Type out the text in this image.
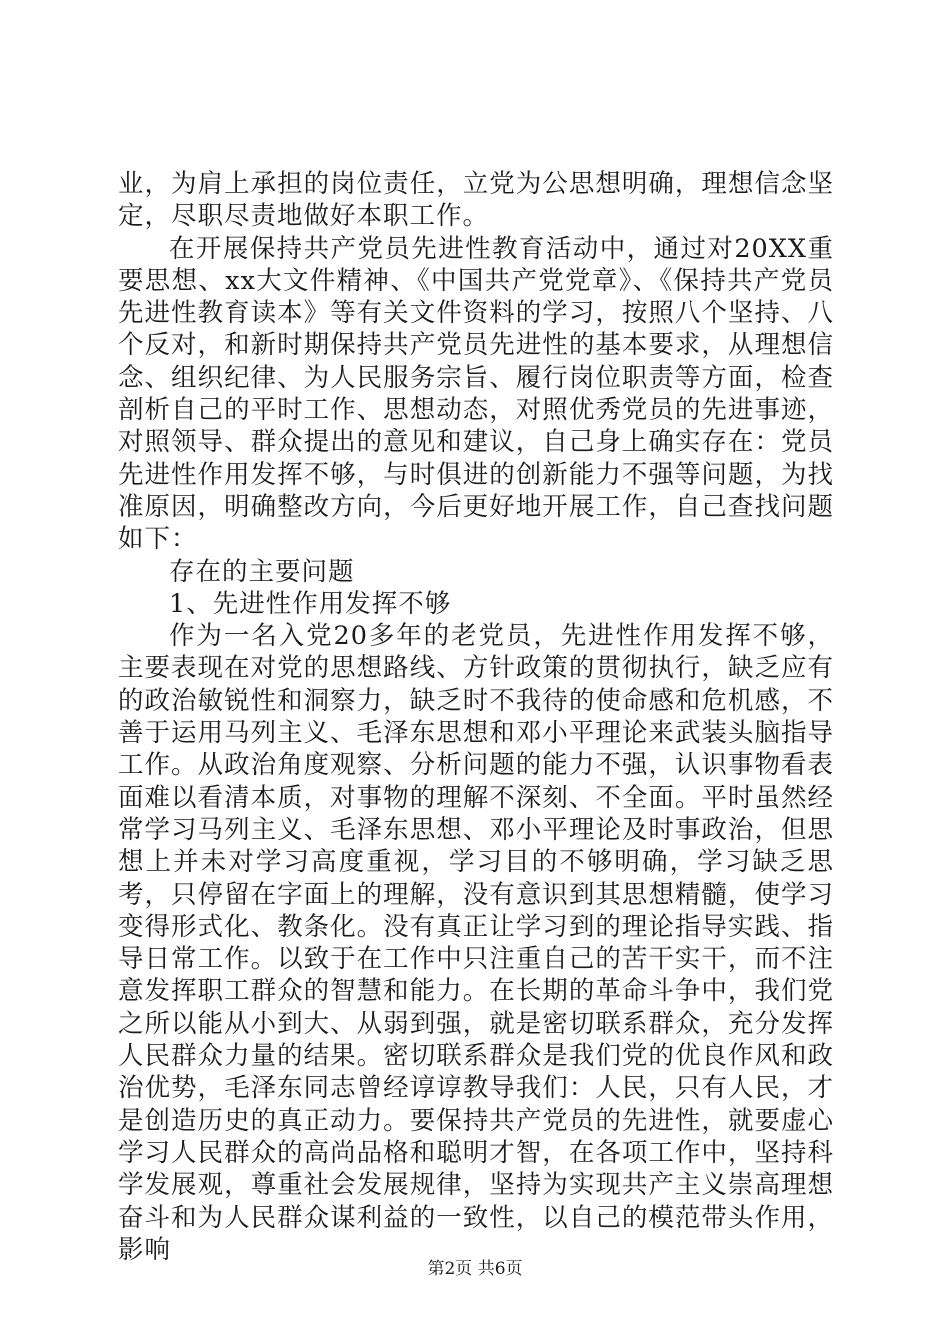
业，为肩上承担的岗位责任，立党为公思想明确，理想信念坚定，尽职尽责地做好本职工作。

在开展保持共产党员先进性教育活动中，通过对20XX重要思想、xx大文件精神、《中国共产党党章》、《保持共产党员先进性教育读本》等有关文件资料的学习，按照八个坚持、八个反对，和新时期保持共产党员先进性的基本要求，从理想信念、组织纪律、为人民服务宗旨、履行岗位职责等方面，检查剖析自己的平时工作、思想动态，对照优秀党员的先进事迹，对照领导、群众提出的意见和建议，自己身上确实存在：党员先进性作用发挥不够，与时俱进的创新能力不强等问题，为找准原因，明确整改方向，今后更好地开展工作，自己查找问题如下：

存在的主要问题

1、先进性作用发挥不够

作为一名入党20多年的老党员，先进性作用发挥不够，主要表现在对党的思想路线、方针政策的贯彻执行，缺乏应有的政治敏锐性和洞察力，缺乏时不我待的使命感和危机感，不善于运用马列主义、毛泽东思想和邓小平理论来武装头脑指导工作。从政治角度观察、分析问题的能力不强，认识事物看表面难以看清本质，对事物的理解不深刻、不全面。平时虽然经常学习马列主义、毛泽东思想、邓小平理论及时事政治，但思想上并未对学习高度重视，学习目的不够明确，学习缺乏思考，只停留在字面上的理解，没有意识到其思想精髓，使学习变得形式化、教条化。没有真正让学习到的理论指导实践、指导日常工作。以致于在工作中只注重自己的苦干实干，而不注意发挥职工群众的智慧和能力。在长期的革命斗争中，我们党之所以能从小到大、从弱到强，就是密切联系群众，充分发挥人民群众力量的结果。密切联系群众是我们党的优良作风和政治优势，毛泽东同志曾经谆谆教导我们：人民，只有人民，才是创造历史的真正动力。要保持共产党员的先进性，就要虚心学习人民群众的高尚品格和聪明才智，在各项工作中，坚持科学发展观，尊重社会发展规律，坚持为实现共产主义崇高理想奋斗和为人民群众谋利益的一致性，以自己的模范带头作用，影响

第2页 共6页
